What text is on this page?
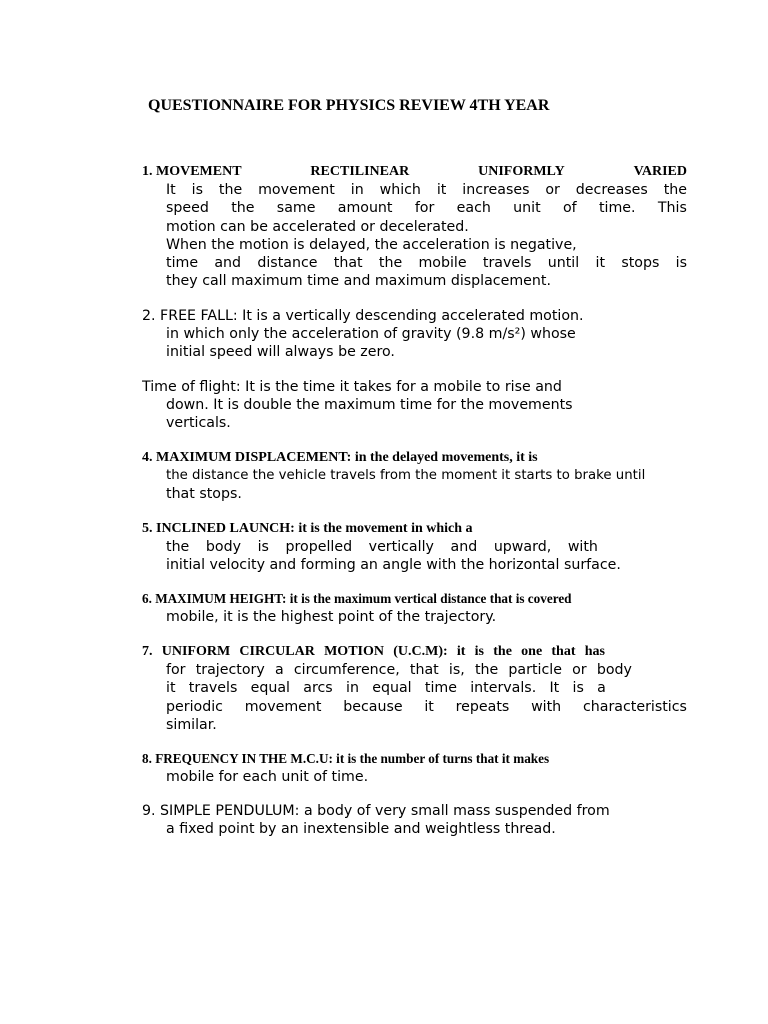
QUESTIONNAIRE FOR PHYSICS REVIEW 4TH YEAR
1. MOVEMENT	RECTILINEAR	UNIFORMLY	VARIED
It is the movement in which it increases or decreases the
speed the same amount for each unit of time. This
motion can be accelerated or decelerated.
When the motion is delayed, the acceleration is negative,
time and distance that the mobile travels until it stops is
they call maximum time and maximum displacement.
2. FREE FALL: It is a vertically descending accelerated motion.
in which only the acceleration of gravity (9.8 m/s²) whose
initial speed will always be zero.
Time of flight: It is the time it takes for a mobile to rise and
down. It is double the maximum time for the movements
verticals.
4. MAXIMUM DISPLACEMENT: in the delayed movements, it is
the distance the vehicle travels from the moment it starts to brake until
that stops.
5. INCLINED LAUNCH: it is the movement in which a
the body is propelled vertically and upward, with
initial velocity and forming an angle with the horizontal surface.
6. MAXIMUM HEIGHT: it is the maximum vertical distance that is covered
mobile, it is the highest point of the trajectory.
7. UNIFORM CIRCULAR MOTION (U.C.M): it is the one that has
for trajectory a circumference, that is, the particle or body
it travels equal arcs in equal time intervals. It is a
periodic movement because it repeats with characteristics
similar.
8. FREQUENCY IN THE M.C.U: it is the number of turns that it makes
mobile for each unit of time.
9. SIMPLE PENDULUM: a body of very small mass suspended from
a fixed point by an inextensible and weightless thread.
